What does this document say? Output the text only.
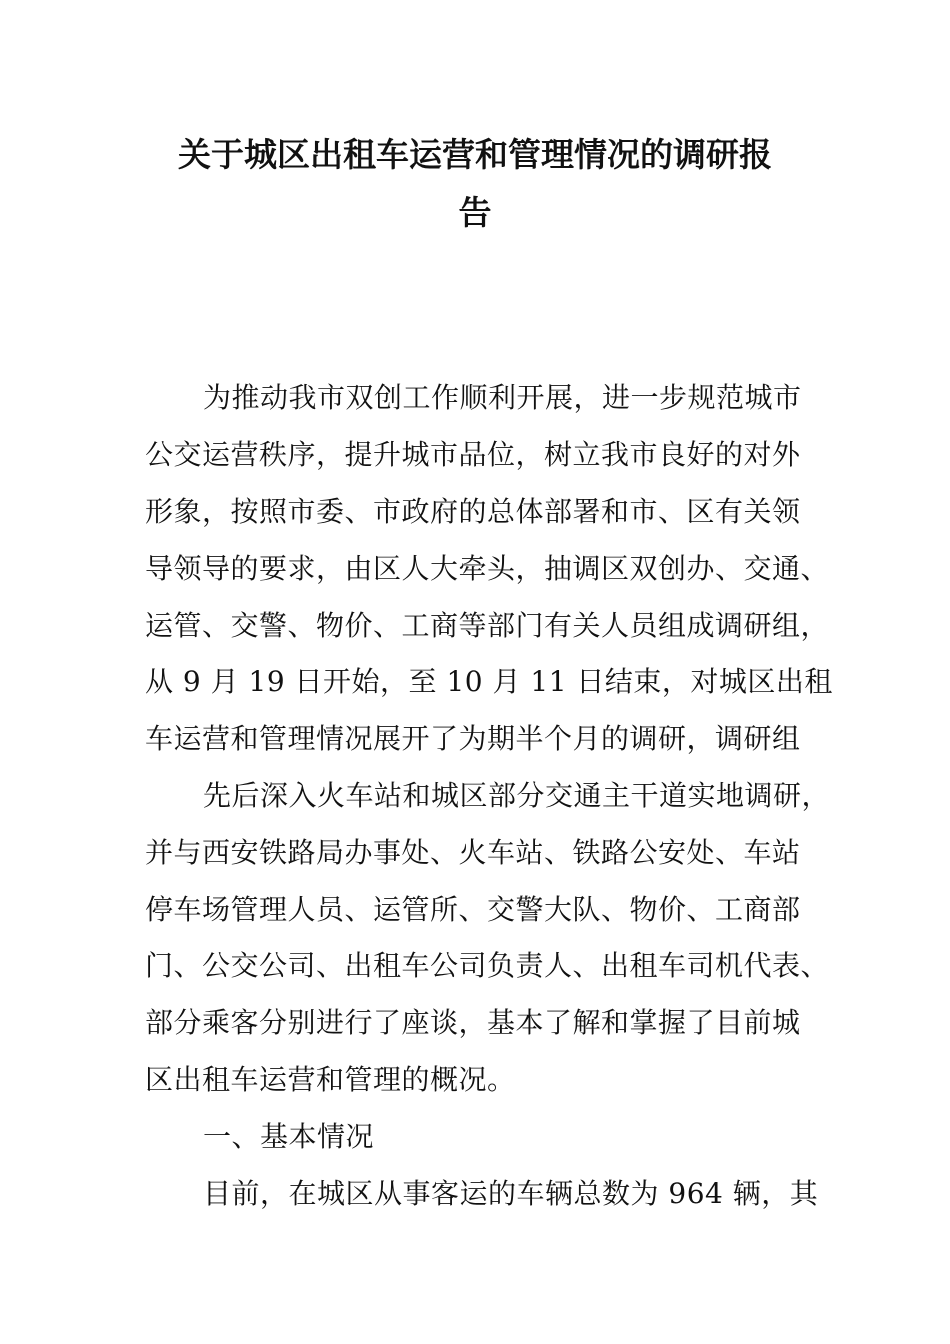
关于城区出租车运营和管理情况的调研报
告
为推动我市双创工作顺利开展，进一步规范城市
公交运营秩序，提升城市品位，树立我市良好的对外
形象，按照市委、市政府的总体部署和市、区有关领
导领导的要求，由区人大牵头，抽调区双创办、交通、
运管、交警、物价、工商等部门有关人员组成调研组，
从 9 月 19 日开始，至 10 月 11 日结束，对城区出租
车运营和管理情况展开了为期半个月的调研，调研组
先后深入火车站和城区部分交通主干道实地调研，
并与西安铁路局办事处、火车站、铁路公安处、车站
停车场管理人员、运管所、交警大队、物价、工商部
门、公交公司、出租车公司负责人、出租车司机代表、
部分乘客分别进行了座谈，基本了解和掌握了目前城
区出租车运营和管理的概况。
一、基本情况
目前，在城区从事客运的车辆总数为 964 辆，其
